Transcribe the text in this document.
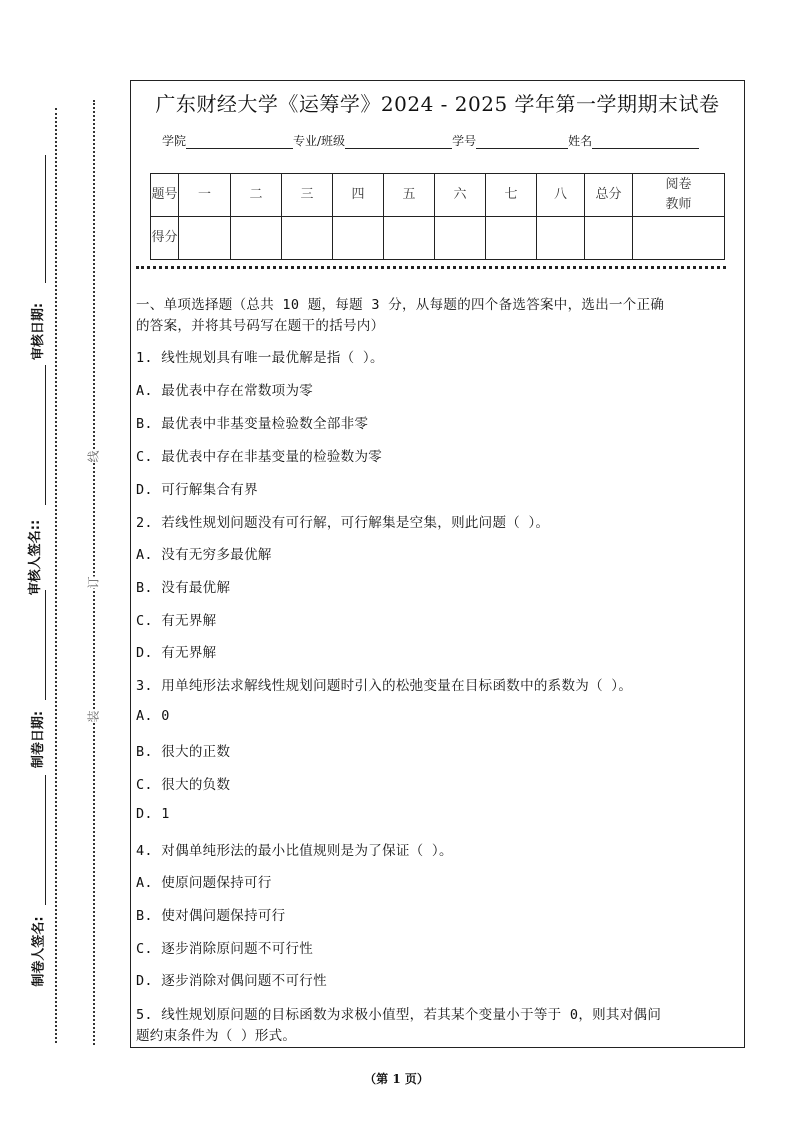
线
订
装
审核日期:
审核人签名::
制卷日期:
制卷人签名:
广东财经大学《运筹学》2024 - 2025 学年第一学期期末试卷
学院	专业/班级	学号	姓名
题号	一	二	三	四	五	六	七	八	总分	阅卷教师
得分										
一、单项选择题（总共 10 题，每题 3 分，从每题的四个备选答案中，选出一个正确
的答案，并将其号码写在题干的括号内）
1. 线性规划具有唯一最优解是指（ ）。
A. 最优表中存在常数项为零
B. 最优表中非基变量检验数全部非零
C. 最优表中存在非基变量的检验数为零
D. 可行解集合有界
2. 若线性规划问题没有可行解，可行解集是空集，则此问题（ ）。
A. 没有无穷多最优解
B. 没有最优解
C. 有无界解
D. 有无界解
3. 用单纯形法求解线性规划问题时引入的松弛变量在目标函数中的系数为（ ）。
A. 0
B. 很大的正数
C. 很大的负数
D. 1
4. 对偶单纯形法的最小比值规则是为了保证（ ）。
A. 使原问题保持可行
B. 使对偶问题保持可行
C. 逐步消除原问题不可行性
D. 逐步消除对偶问题不可行性
5. 线性规划原问题的目标函数为求极小值型，若其某个变量小于等于 0，则其对偶问
题约束条件为（ ）形式。
（第 1 页）
